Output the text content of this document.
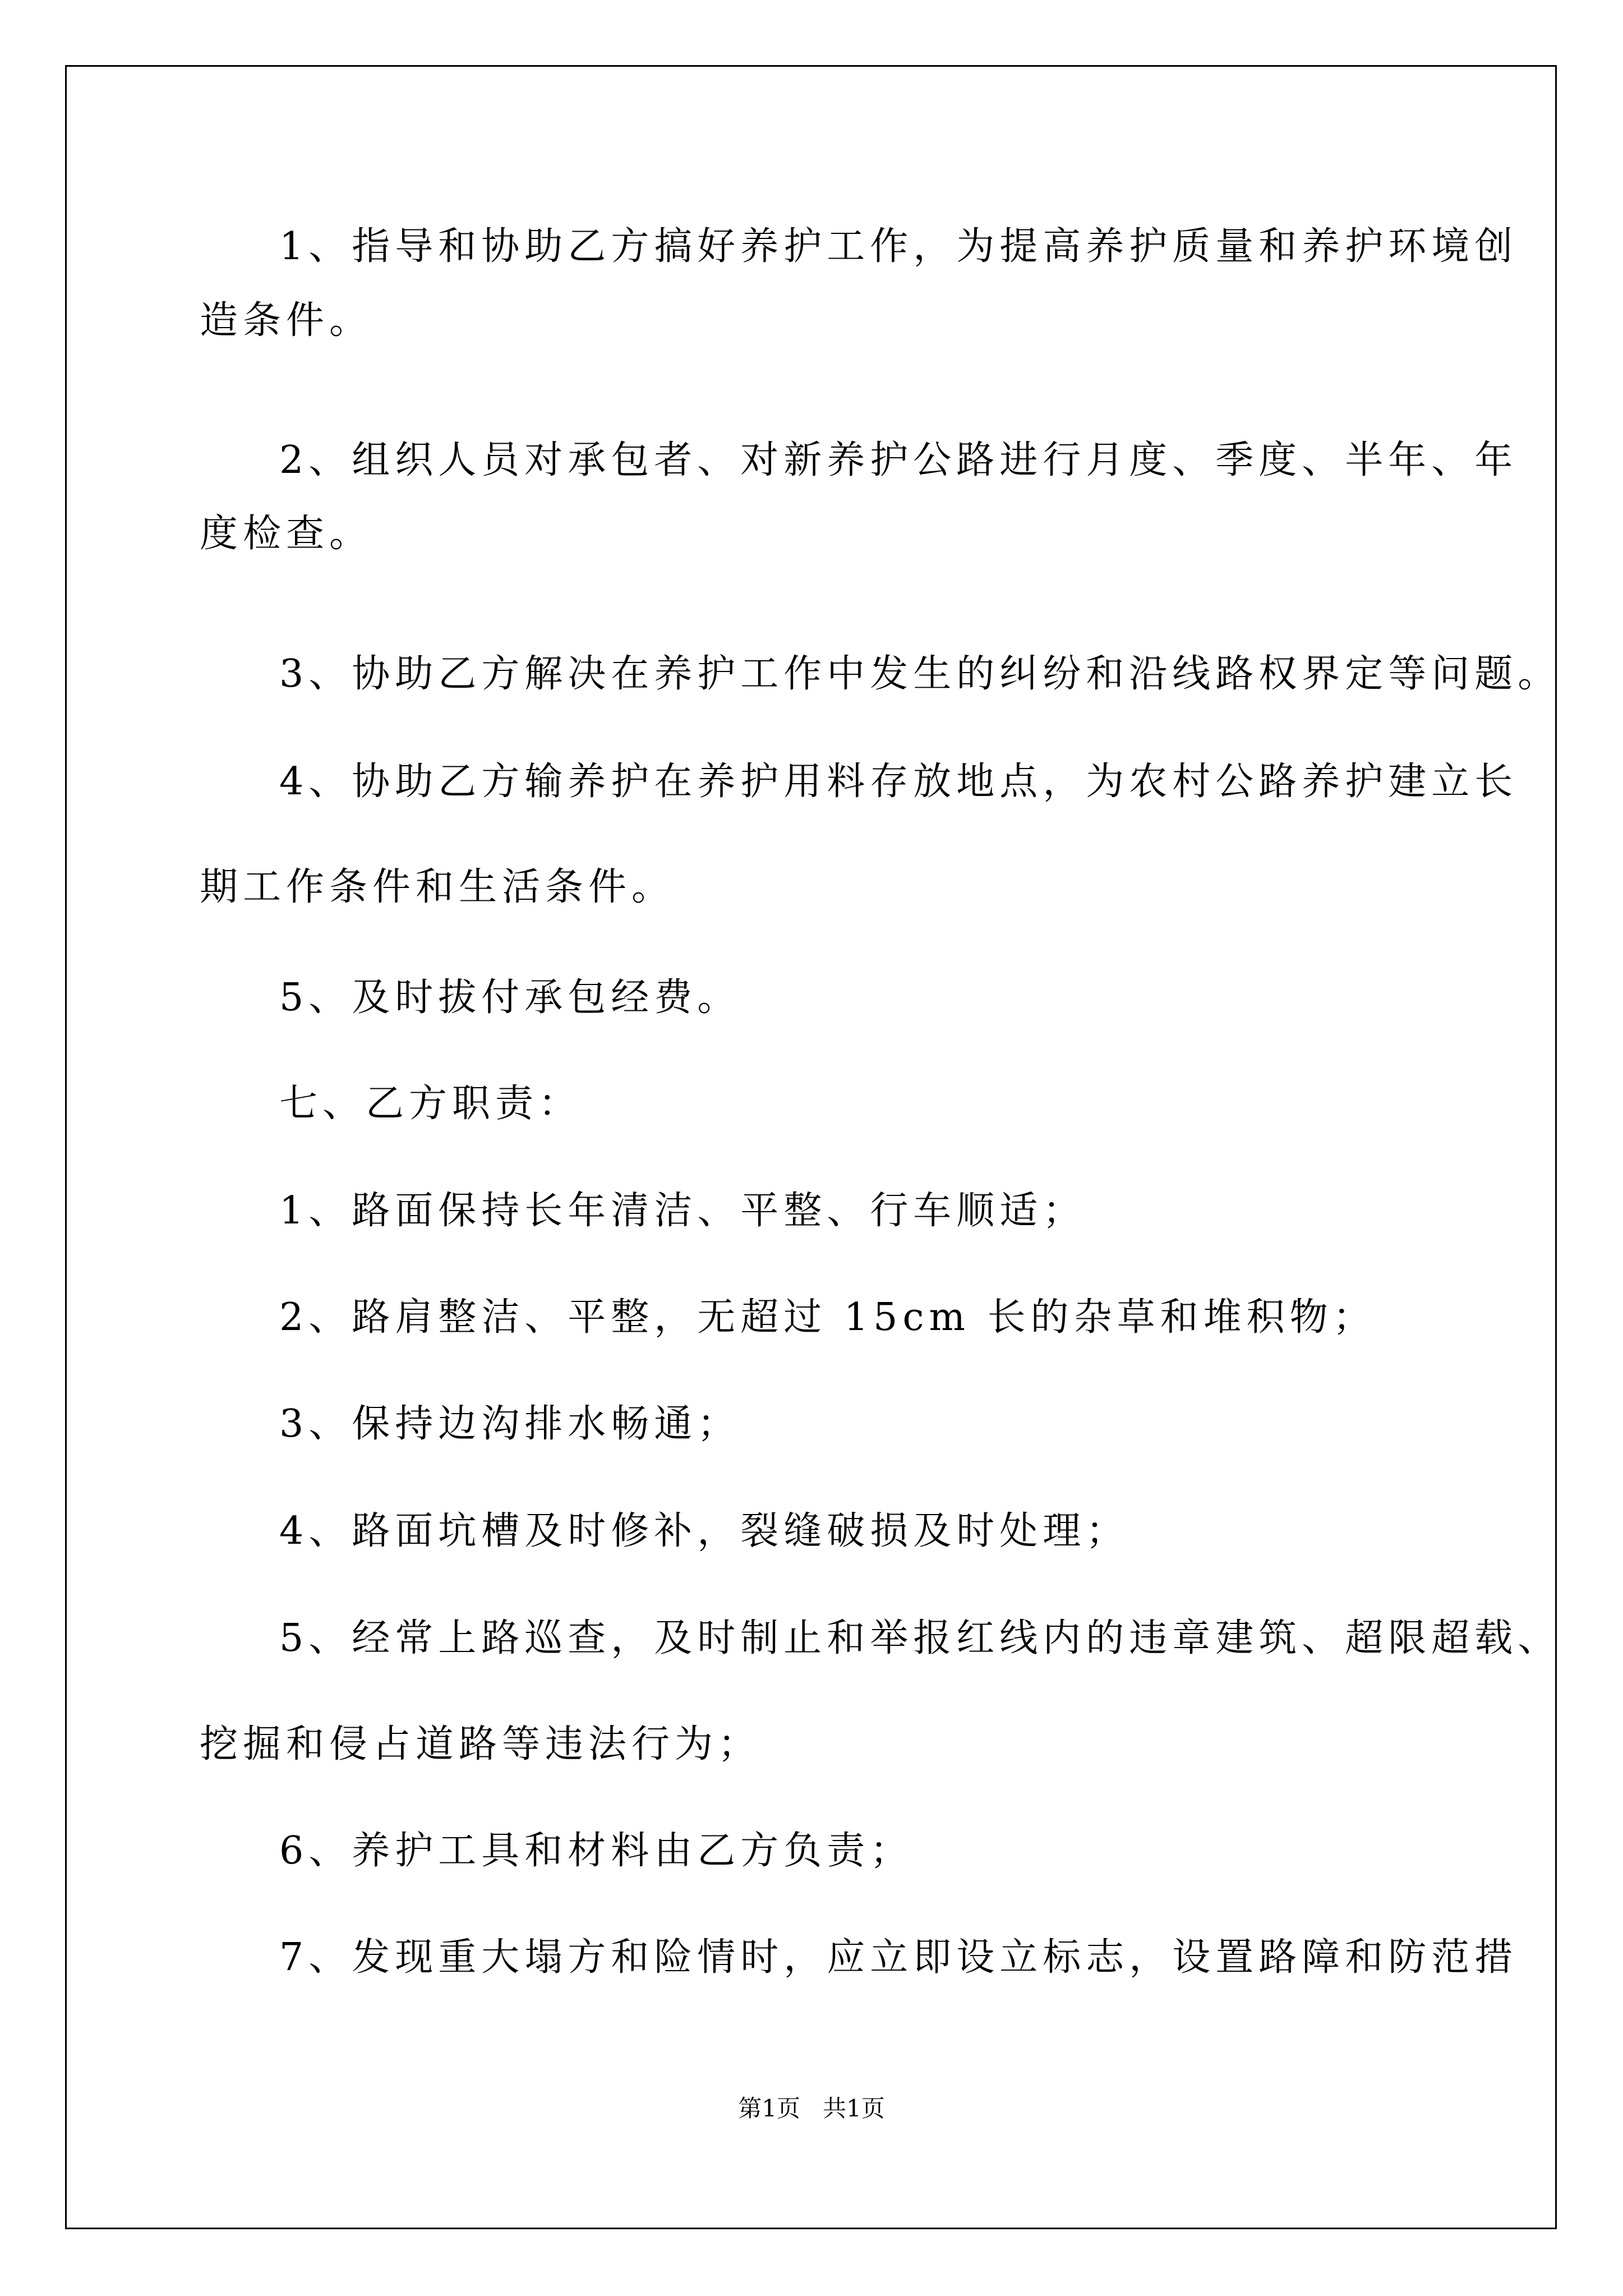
1、指导和协助乙方搞好养护工作，为提高养护质量和养护环境创

造条件。

2、组织人员对承包者、对新养护公路进行月度、季度、半年、年

度检查。

3、协助乙方解决在养护工作中发生的纠纷和沿线路权界定等问题。

4、协助乙方输养护在养护用料存放地点，为农村公路养护建立长

期工作条件和生活条件。

5、及时拔付承包经费。

七、乙方职责：

1、路面保持长年清洁、平整、行车顺适；

2、路肩整洁、平整，无超过 15cm 长的杂草和堆积物；

3、保持边沟排水畅通；

4、路面坑槽及时修补，裂缝破损及时处理；

5、经常上路巡查，及时制止和举报红线内的违章建筑、超限超载、

挖掘和侵占道路等违法行为；

6、养护工具和材料由乙方负责；

7、发现重大塌方和险情时，应立即设立标志，设置路障和防范措

第1页   共1页
